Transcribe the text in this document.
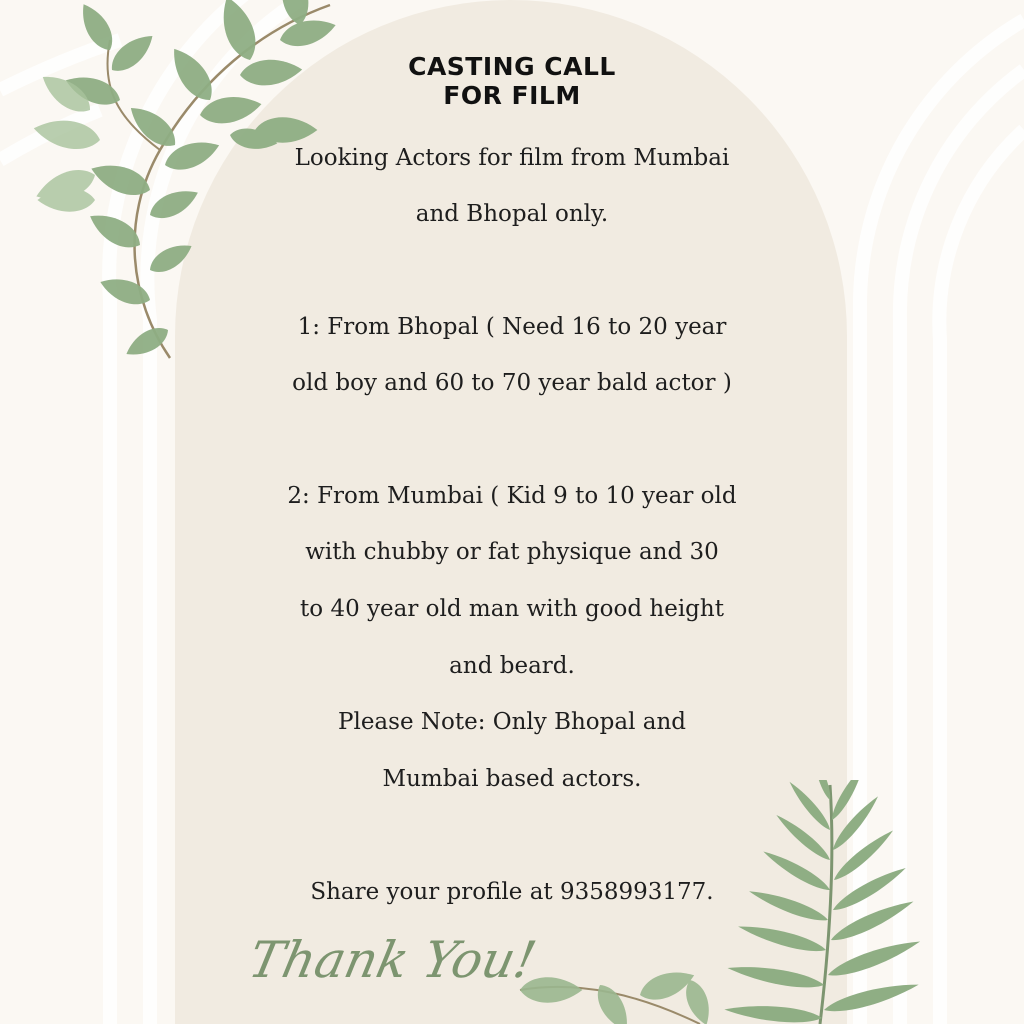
CASTING CALL
FOR FILM
Looking Actors for film from Mumbai
and Bhopal only.
1: From Bhopal ( Need 16 to 20 year
old boy and 60 to 70 year bald actor )
2: From Mumbai ( Kid 9 to 10 year old
with chubby or fat physique and 30
to 40 year old man with good height
and beard.
Please Note: Only Bhopal and
Mumbai based actors.
Share your profile at 9358993177.
Thank You!
